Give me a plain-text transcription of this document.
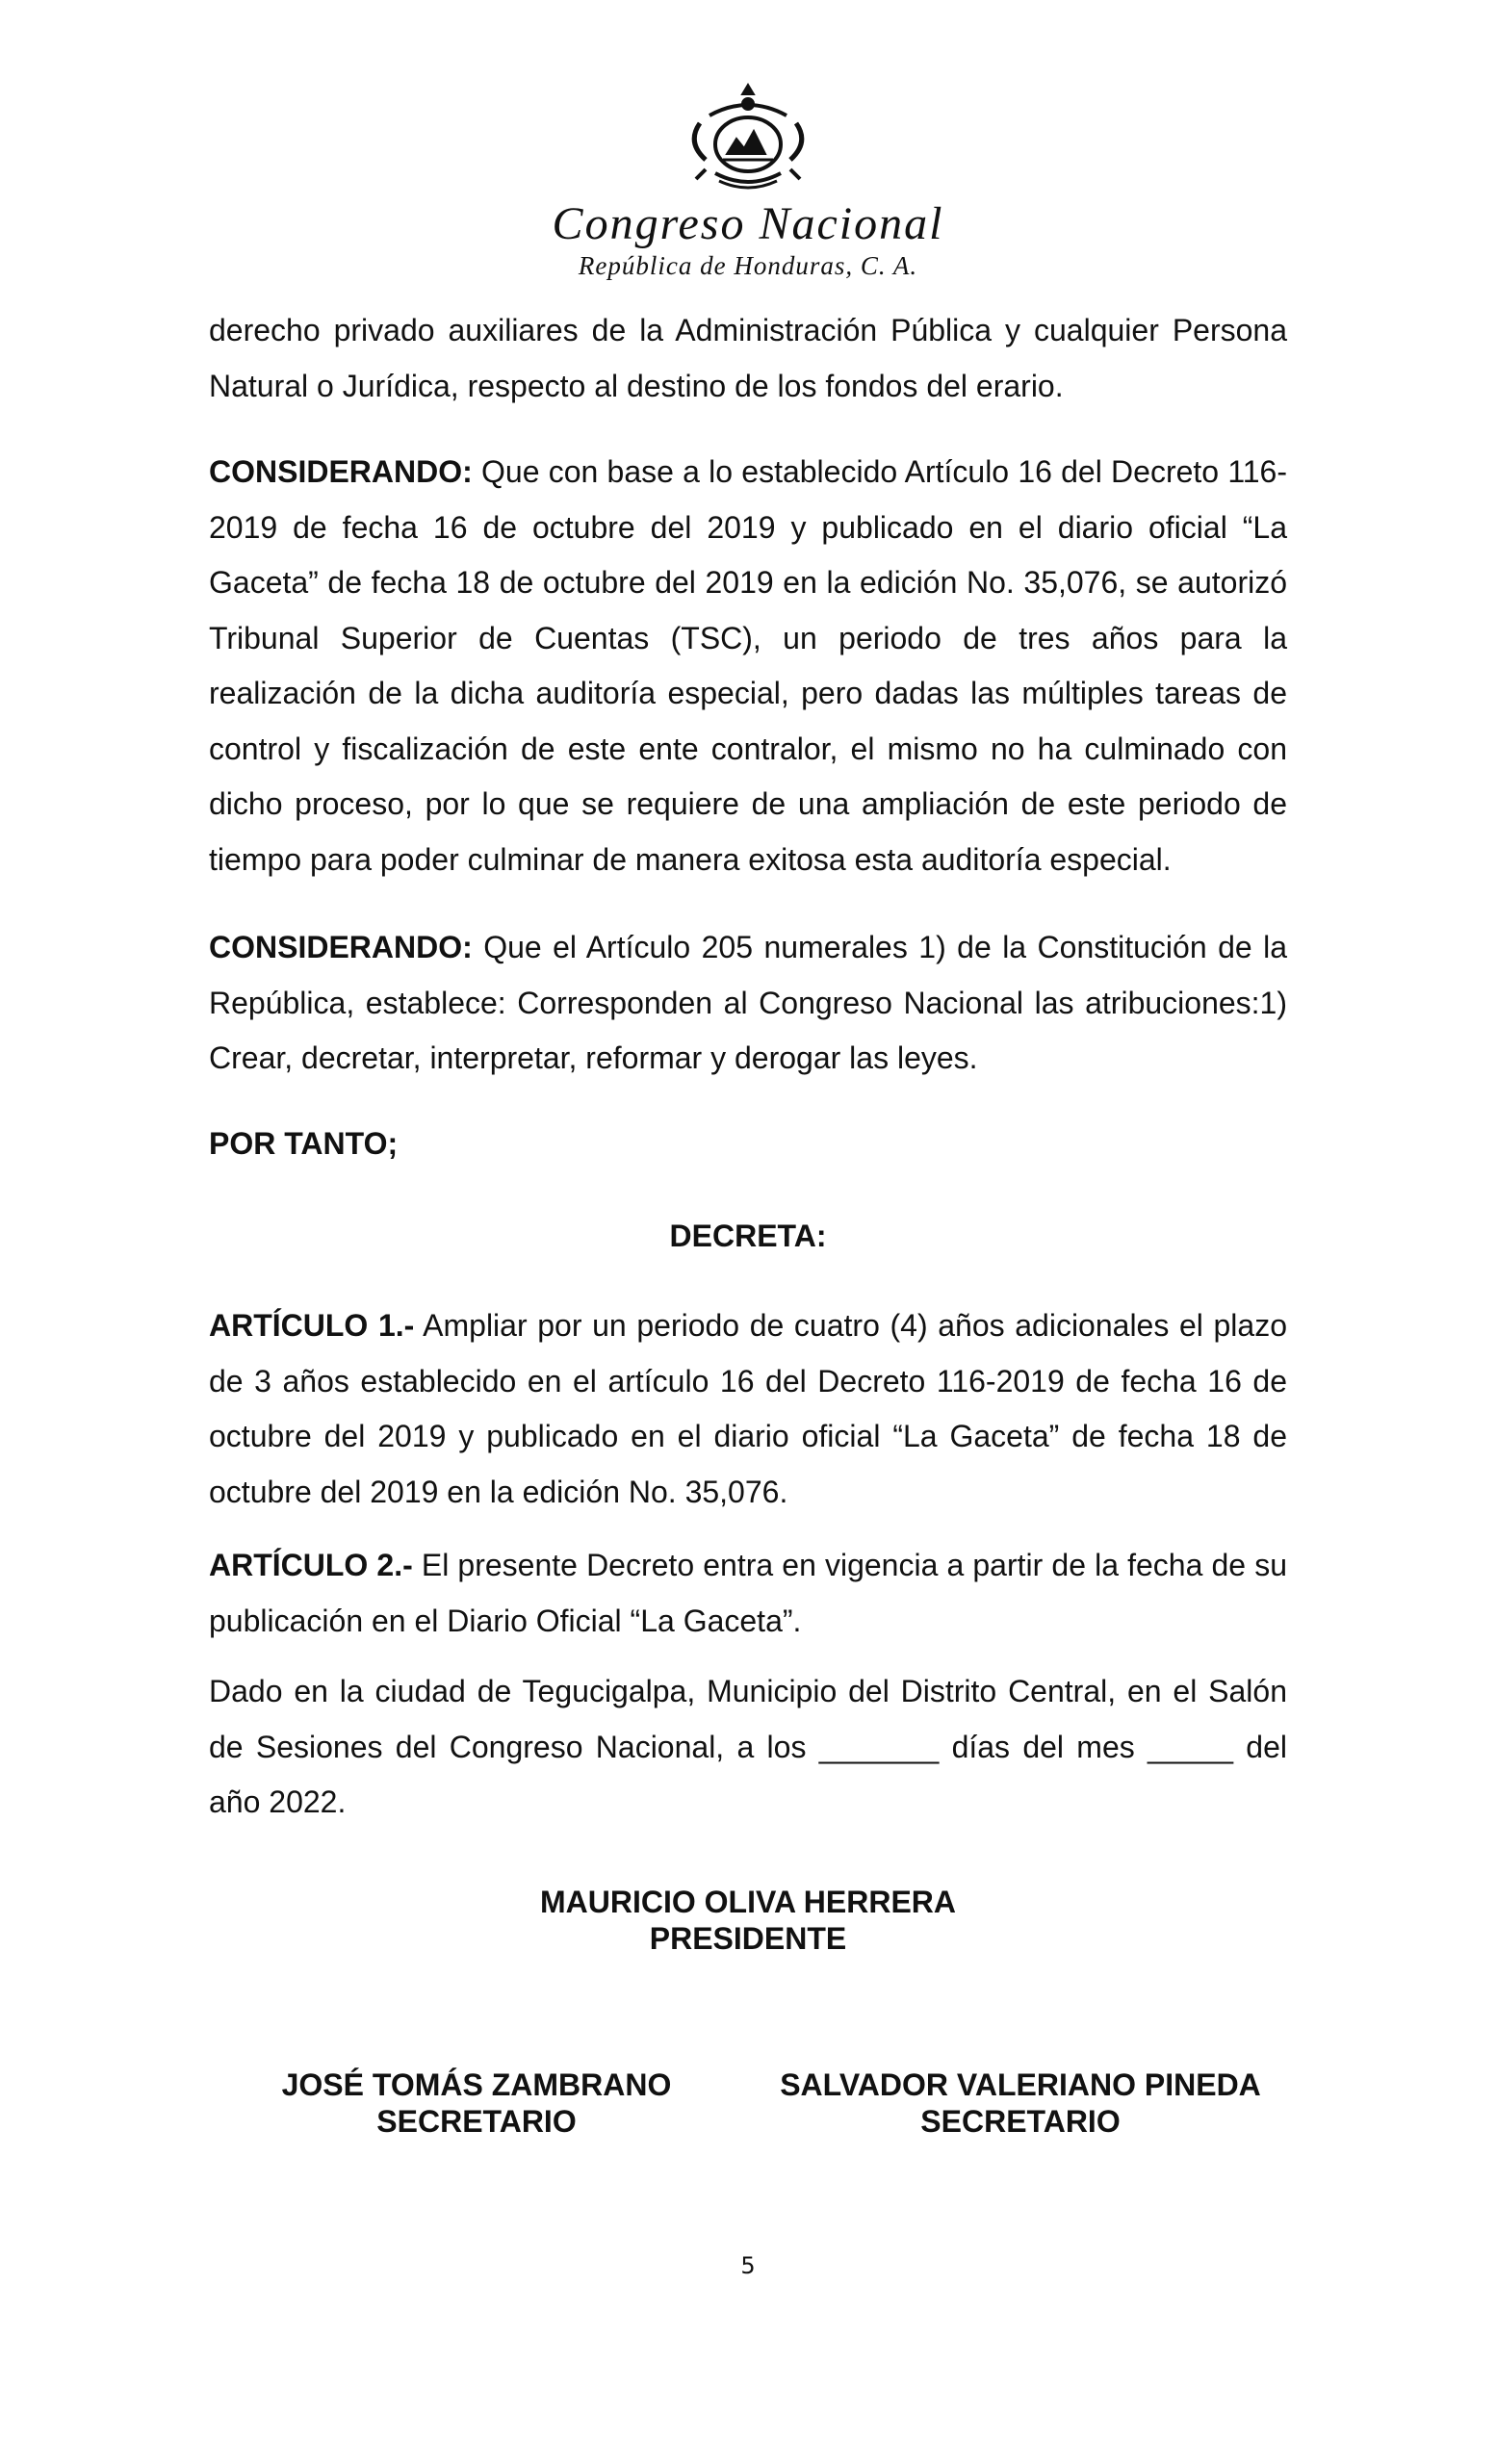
Congreso Nacional
República de Honduras, C. A.

derecho privado auxiliares de la Administración Pública y cualquier Persona Natural o Jurídica, respecto al destino de los fondos del erario.

CONSIDERANDO: Que con base a lo establecido Artículo 16 del Decreto 116-2019 de fecha 16 de octubre del 2019 y publicado en el diario oficial “La Gaceta” de fecha 18 de octubre del 2019 en la edición No. 35,076, se autorizó Tribunal Superior de Cuentas (TSC), un periodo de tres años para la realización de la dicha auditoría especial, pero dadas las múltiples tareas de control y fiscalización de este ente contralor, el mismo no ha culminado con dicho proceso, por lo que se requiere de una ampliación de este periodo de tiempo para poder culminar de manera exitosa esta auditoría especial.

CONSIDERANDO: Que el Artículo 205 numerales 1) de la Constitución de la República, establece: Corresponden al Congreso Nacional las atribuciones:1) Crear, decretar, interpretar, reformar y derogar las leyes.

POR TANTO;
DECRETA:

ARTÍCULO 1.- Ampliar por un periodo de cuatro (4) años adicionales el plazo de 3 años establecido en el artículo 16 del Decreto 116-2019 de fecha 16 de octubre del 2019 y publicado en el diario oficial “La Gaceta” de fecha 18 de octubre del 2019 en la edición No. 35,076.

ARTÍCULO 2.- El presente Decreto entra en vigencia a partir de la fecha de su publicación en el Diario Oficial “La Gaceta”.

Dado en la ciudad de Tegucigalpa, Municipio del Distrito Central, en el Salón de Sesiones del Congreso Nacional, a los _______ días del mes _____ del año 2022.

MAURICIO OLIVA HERRERA
PRESIDENTE
JOSÉ TOMÁS ZAMBRANO
SECRETARIO
SALVADOR VALERIANO PINEDA
SECRETARIO
5
